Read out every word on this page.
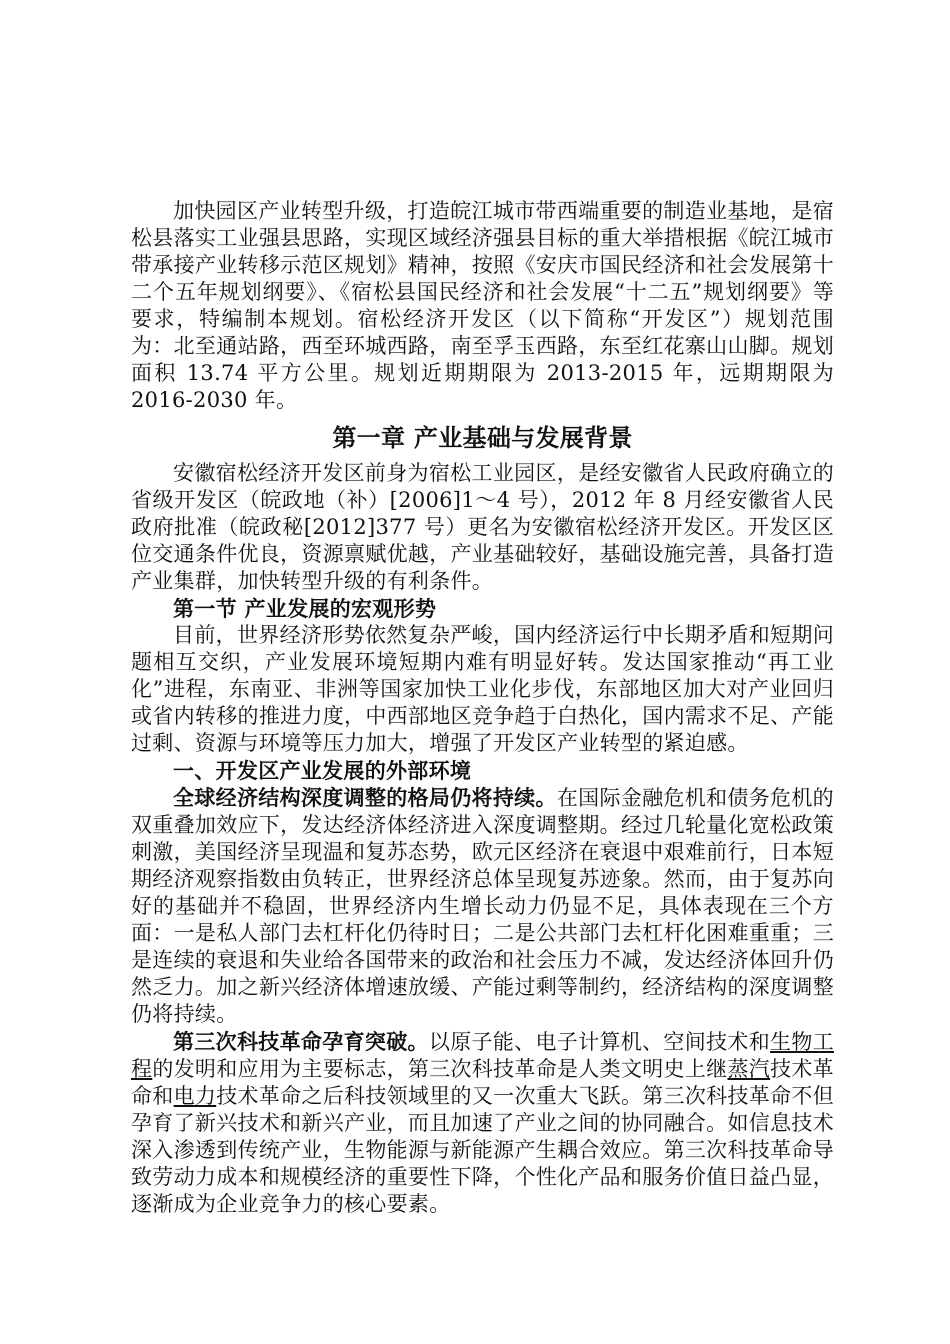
加快园区产业转型升级，打造皖江城市带西端重要的制造业基地，是宿松县落实工业强县思路，实现区域经济强县目标的重大举措根据《皖江城市带承接产业转移示范区规划》精神，按照《安庆市国民经济和社会发展第十二个五年规划纲要》、《宿松县国民经济和社会发展“十二五”规划纲要》等要求，特编制本规划。宿松经济开发区（以下简称“开发区”）规划范围为：北至通站路，西至环城西路，南至孚玉西路，东至红花寨山山脚。规划面积 13.74 平方公里。规划近期期限为 2013-2015 年，远期期限为 2016-2030 年。

第一章 产业基础与发展背景

安徽宿松经济开发区前身为宿松工业园区，是经安徽省人民政府确立的省级开发区（皖政地（补）[2006]1～4 号），2012 年 8 月经安徽省人民政府批准（皖政秘[2012]377 号）更名为安徽宿松经济开发区。开发区区位交通条件优良，资源禀赋优越，产业基础较好，基础设施完善，具备打造产业集群，加快转型升级的有利条件。

第一节 产业发展的宏观形势

目前，世界经济形势依然复杂严峻，国内经济运行中长期矛盾和短期问题相互交织，产业发展环境短期内难有明显好转。发达国家推动“再工业化”进程，东南亚、非洲等国家加快工业化步伐，东部地区加大对产业回归或省内转移的推进力度，中西部地区竞争趋于白热化，国内需求不足、产能过剩、资源与环境等压力加大，增强了开发区产业转型的紧迫感。

一、开发区产业发展的外部环境

全球经济结构深度调整的格局仍将持续。在国际金融危机和债务危机的双重叠加效应下，发达经济体经济进入深度调整期。经过几轮量化宽松政策刺激，美国经济呈现温和复苏态势，欧元区经济在衰退中艰难前行，日本短期经济观察指数由负转正，世界经济总体呈现复苏迹象。然而，由于复苏向好的基础并不稳固，世界经济内生增长动力仍显不足，具体表现在三个方面：一是私人部门去杠杆化仍待时日；二是公共部门去杠杆化困难重重；三是连续的衰退和失业给各国带来的政治和社会压力不减，发达经济体回升仍然乏力。加之新兴经济体增速放缓、产能过剩等制约，经济结构的深度调整仍将持续。

第三次科技革命孕育突破。以原子能、电子计算机、空间技术和生物工程的发明和应用为主要标志，第三次科技革命是人类文明史上继蒸汽技术革命和电力技术革命之后科技领域里的又一次重大飞跃。第三次科技革命不但孕育了新兴技术和新兴产业，而且加速了产业之间的协同融合。如信息技术深入渗透到传统产业，生物能源与新能源产生耦合效应。第三次科技革命导致劳动力成本和规模经济的重要性下降，个性化产品和服务价值日益凸显，逐渐成为企业竞争力的核心要素。
